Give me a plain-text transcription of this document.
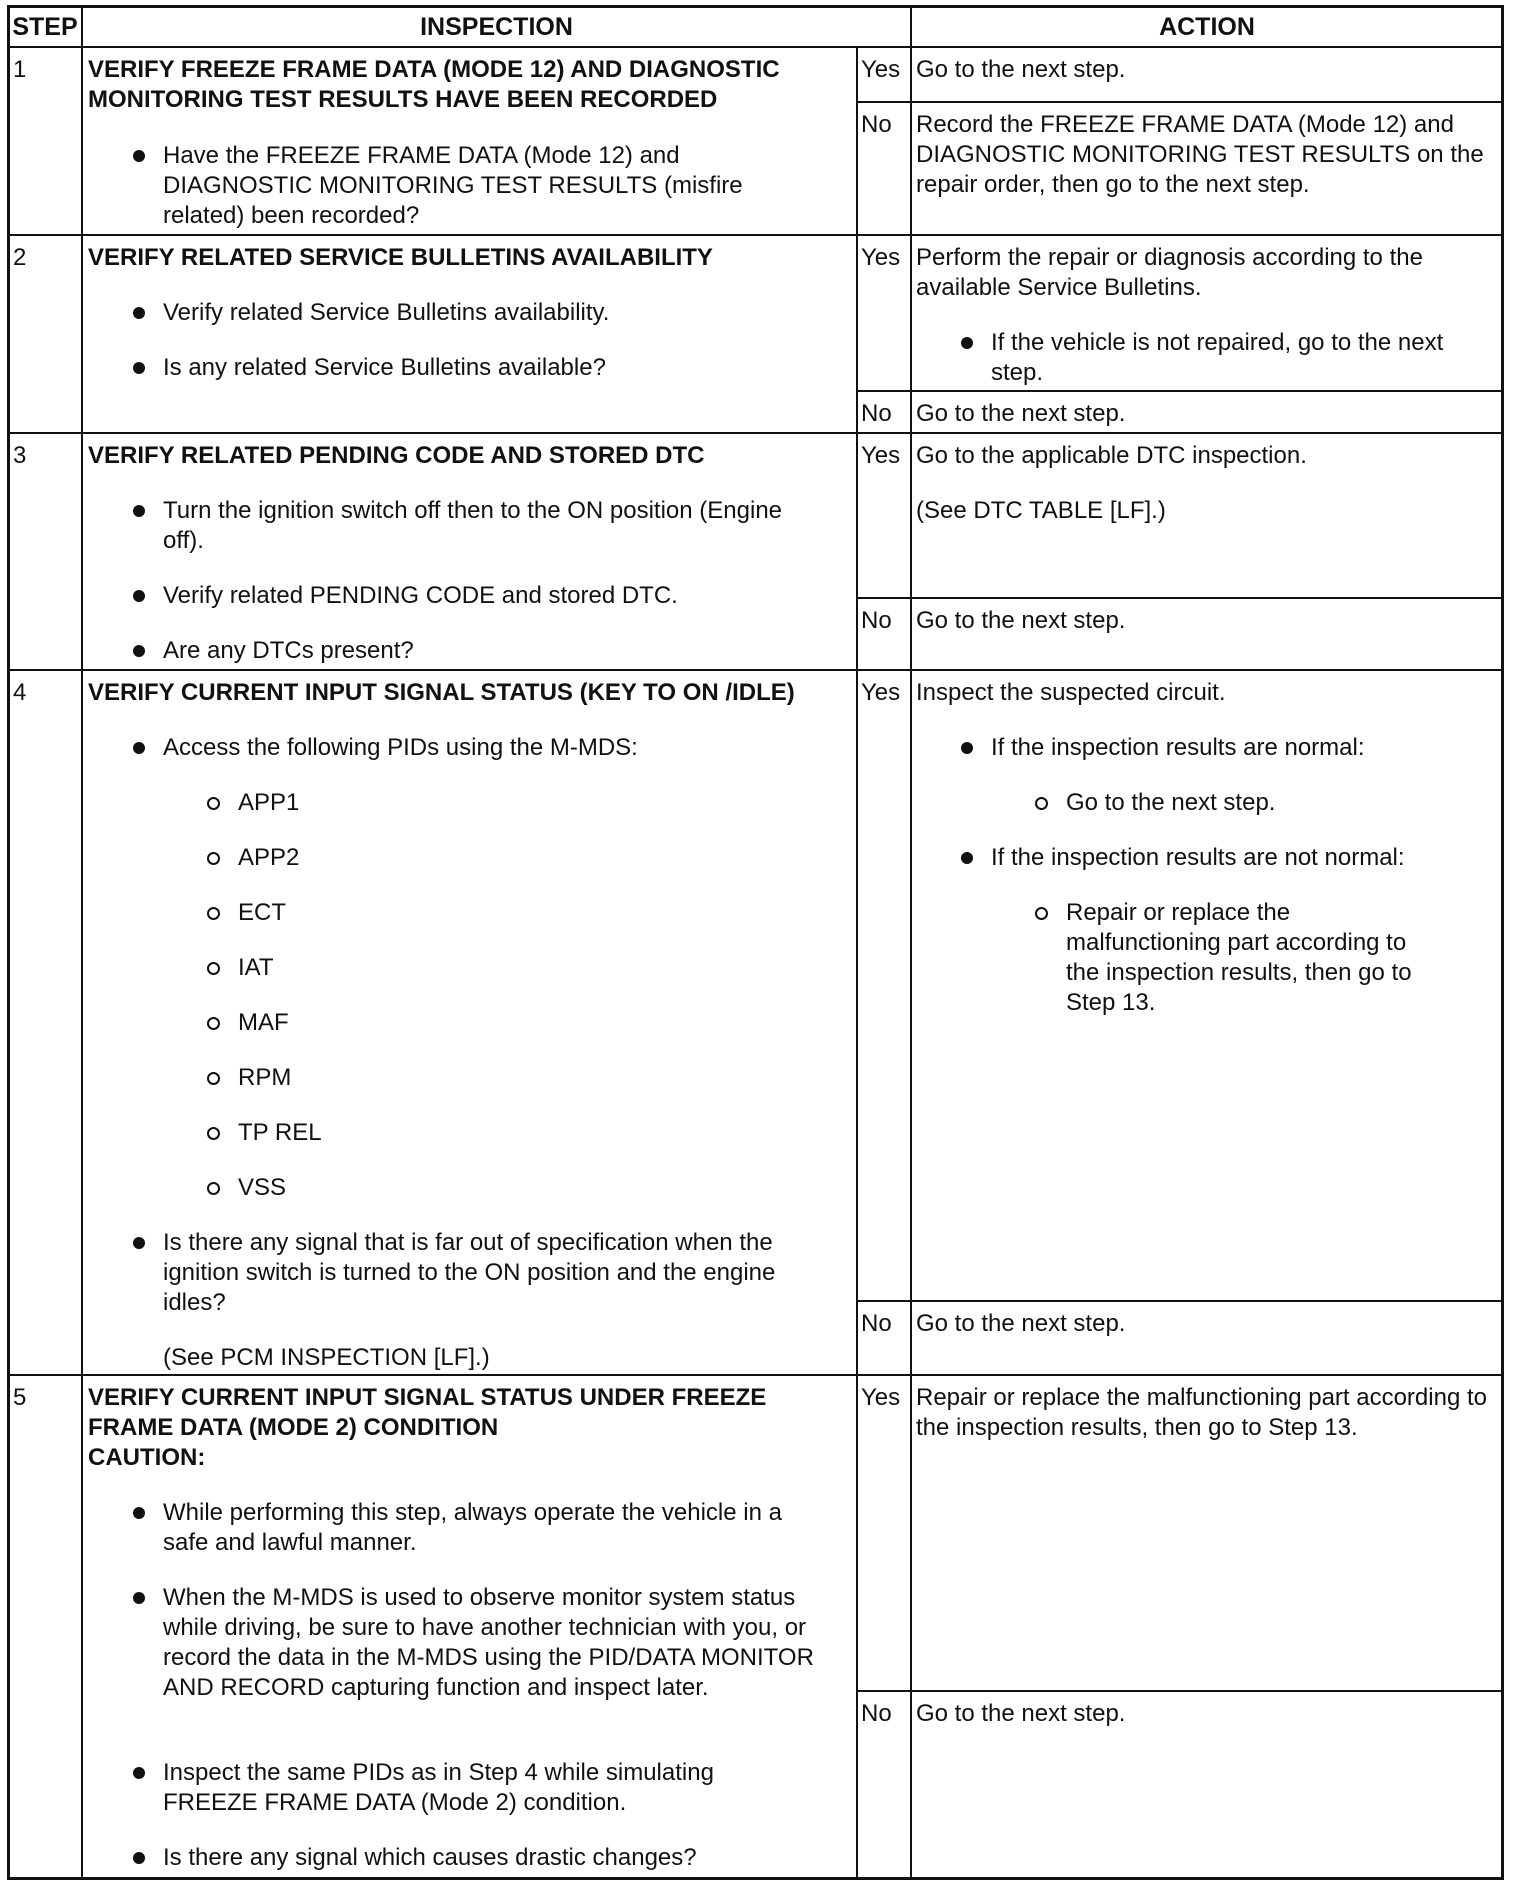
STEP	INSPECTION	ACTION
1	VERIFY FREEZE FRAME DATA (MODE 12) AND DIAGNOSTIC MONITORING TEST RESULTS HAVE BEEN RECORDED
Have the FREEZE FRAME DATA (Mode 12) and DIAGNOSTIC MONITORING TEST RESULTS (misfire related) been recorded?
Yes Go to the next step.
No Record the FREEZE FRAME DATA (Mode 12) and DIAGNOSTIC MONITORING TEST RESULTS on the repair order, then go to the next step.
2	VERIFY RELATED SERVICE BULLETINS AVAILABILITY
Verify related Service Bulletins availability.
Is any related Service Bulletins available?
Yes Perform the repair or diagnosis according to the available Service Bulletins.
If the vehicle is not repaired, go to the next step.
No Go to the next step.
3	VERIFY RELATED PENDING CODE AND STORED DTC
Turn the ignition switch off then to the ON position (Engine off).
Verify related PENDING CODE and stored DTC.
Are any DTCs present?
Yes Go to the applicable DTC inspection.
(See DTC TABLE [LF].)
No Go to the next step.
4	VERIFY CURRENT INPUT SIGNAL STATUS (KEY TO ON /IDLE)
Access the following PIDs using the M-MDS:
APP1
APP2
ECT
IAT
MAF
RPM
TP REL
VSS
Is there any signal that is far out of specification when the ignition switch is turned to the ON position and the engine idles?
(See PCM INSPECTION [LF].)
Yes Inspect the suspected circuit.
If the inspection results are normal:
Go to the next step.
If the inspection results are not normal:
Repair or replace the malfunctioning part according to the inspection results, then go to Step 13.
No Go to the next step.
5	VERIFY CURRENT INPUT SIGNAL STATUS UNDER FREEZE FRAME DATA (MODE 2) CONDITION
CAUTION:
While performing this step, always operate the vehicle in a safe and lawful manner.
When the M-MDS is used to observe monitor system status while driving, be sure to have another technician with you, or record the data in the M-MDS using the PID/DATA MONITOR AND RECORD capturing function and inspect later.
Inspect the same PIDs as in Step 4 while simulating FREEZE FRAME DATA (Mode 2) condition.
Is there any signal which causes drastic changes?
Yes Repair or replace the malfunctioning part according to the inspection results, then go to Step 13.
No Go to the next step.
